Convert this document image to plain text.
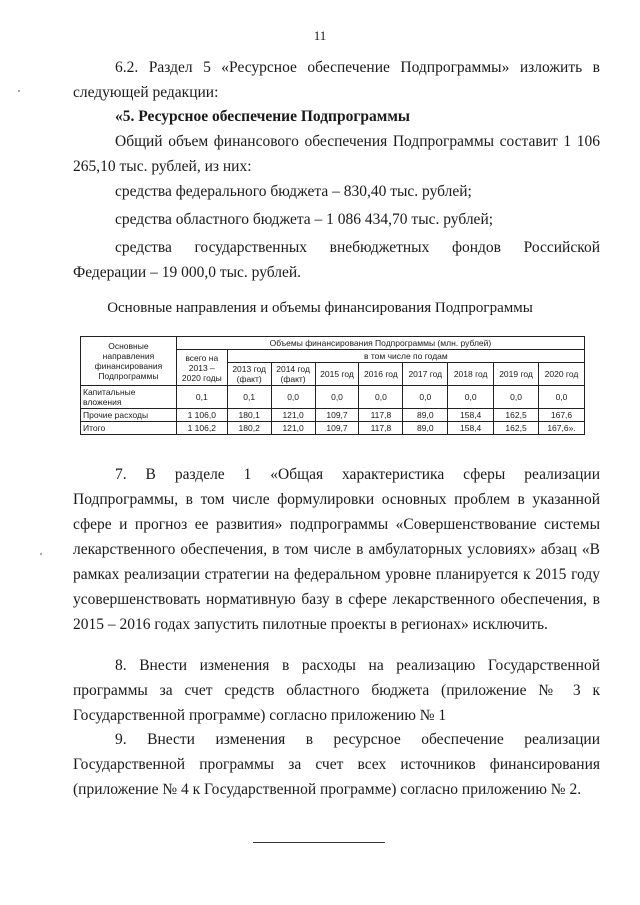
11

6.2. Раздел 5 «Ресурсное обеспечение Подпрограммы» изложить в следующей редакции:

«5. Ресурсное обеспечение Подпрограммы

Общий объем финансового обеспечения Подпрограммы составит 1 106 265,10 тыс. рублей, из них:

средства федерального бюджета – 830,40 тыс. рублей;

средства областного бюджета – 1 086 434,70 тыс. рублей;

средства государственных внебюджетных фондов Российской Федерации – 19 000,0 тыс. рублей.

Основные направления и объемы финансирования Подпрограммы
Основные направления финансирования Подпрограммы	Объемы финансирования Подпрограммы (млн. рублей)								
	всего на 2013 – 2020 годы	в том числе по годам							
		2013 год (факт)	2014 год (факт)	2015 год	2016 год	2017 год	2018 год	2019 год	2020 год
Капитальные вложения	0,1	0,1	0,0	0,0	0,0	0,0	0,0	0,0	0,0
Прочие расходы	1 106,0	180,1	121,0	109,7	117,8	89,0	158,4	162,5	167,6
Итого	1 106,2	180,2	121,0	109,7	117,8	89,0	158,4	162,5	167,6».

7. В разделе 1 «Общая характеристика сферы реализации Подпрограммы, в том числе формулировки основных проблем в указанной сфере и прогноз ее развития» подпрограммы «Совершенствование системы лекарственного обеспечения, в том числе в амбулаторных условиях» абзац «В рамках реализации стратегии на федеральном уровне планируется к 2015 году усовершенствовать нормативную базу в сфере лекарственного обеспечения, в 2015 – 2016 годах запустить пилотные проекты в регионах» исключить.

8. Внести изменения в расходы на реализацию Государственной программы за счет средств областного бюджета (приложение № 3 к Государственной программе) согласно приложению № 1

9. Внести изменения в ресурсное обеспечение реализации Государственной программы за счет всех источников финансирования (приложение № 4 к Государственной программе) согласно приложению № 2.
